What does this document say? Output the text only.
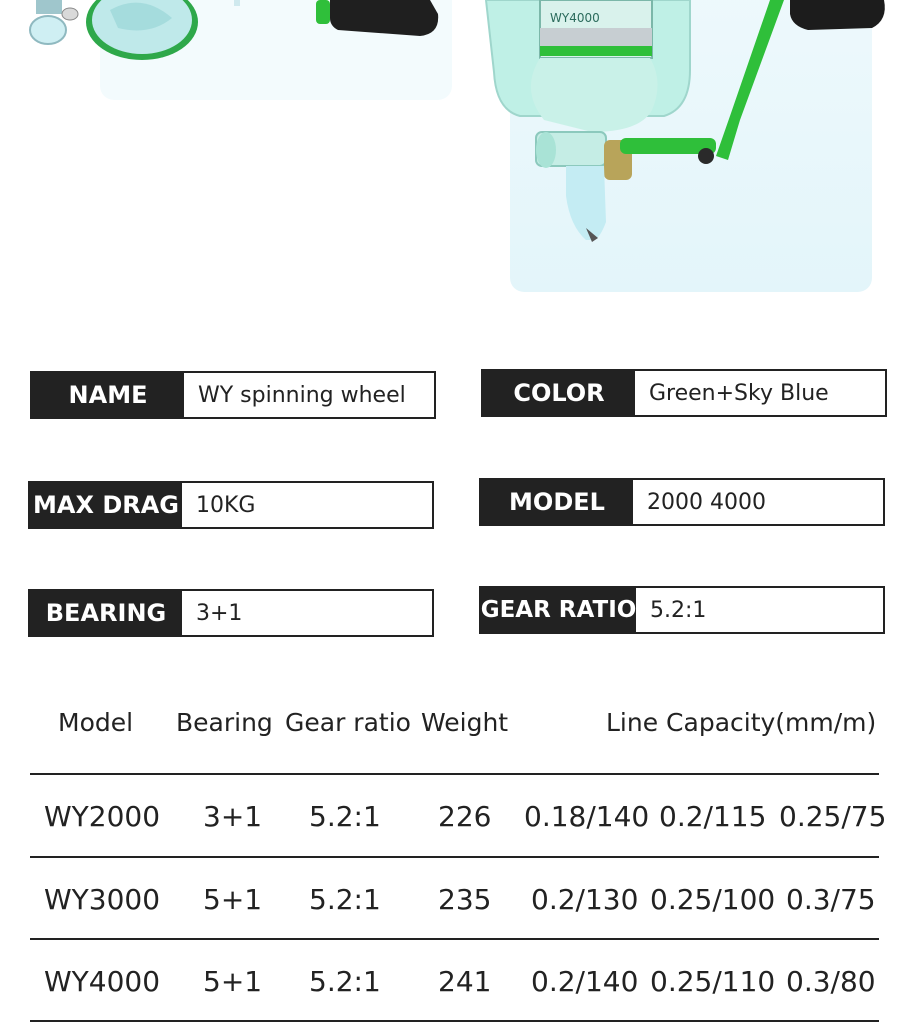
WY4000
NAME	WY spinning wheel	COLOR	Green+Sky Blue
MAX DRAG 10KG	MODEL	2000 4000
BEARING	3+1	GEAR RATIO 5.2:1
Model Bearing Gear ratio Weight	Line Capacity(mm/m)
WY2000 3+1 5.2:1 226 0.18/140 0.2/115 0.25/75
WY3000 5+1 5.2:1 235 0.2/130 0.25/100 0.3/75
WY4000 5+1 5.2:1 241 0.2/140 0.25/110 0.3/80
